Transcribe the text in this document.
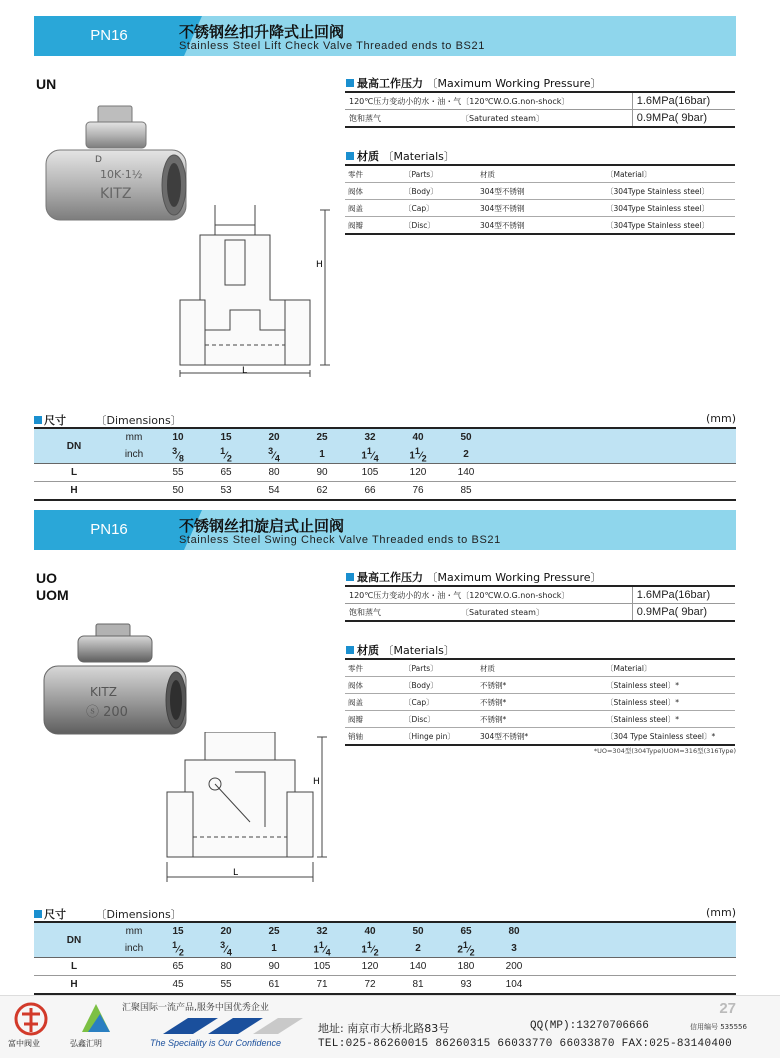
PN16	不锈钢丝扣升降式止回阀
Stainless Steel Lift Check Valve Threaded ends to BS21
UN
D
10K·1½
KITZ
H
L
最高工作压力 〔Maximum Working Pressure〕
120℃压力变动小的水・油・气〔120℃W.O.G.non-shock〕	1.6MPa(16bar)
饱和蒸气 〔Saturated steam〕	0.9MPa( 9bar)
材质 〔Materials〕
零件	〔Parts〕	材质	〔Material〕
阀体	〔Body〕	304型不锈钢	〔304Type Stainless steel〕
阀盖	〔Cap〕	304型不锈钢	〔304Type Stainless steel〕
阀瓣	〔Disc〕	304型不锈钢	〔304Type Stainless steel〕
尺寸	〔Dimensions〕	(mm)
DN	mm	10	15	20	25	32	40	50	
	inch	$^3⁄_8$	$^1⁄_2$	$^3⁄_4$	1	$1^1⁄_4$	$1^1⁄_2$	2	
L		55	65	80	90	105	120	140	
H		50	53	54	62	66	76	85	
PN16	不锈钢丝扣旋启式止回阀
Stainless Steel Swing Check Valve Threaded ends to BS21
UO
UOM
KITZ
ⓢ 200
H
L
最高工作压力 〔Maximum Working Pressure〕
120℃压力变动小的水・油・气〔120℃W.O.G.non-shock〕	1.6MPa(16bar)
饱和蒸气 〔Saturated steam〕	0.9MPa( 9bar)
材质 〔Materials〕
零件	〔Parts〕	材质	〔Material〕
阀体	〔Body〕	不锈钢*	〔Stainless steel〕*
阀盖	〔Cap〕	不锈钢*	〔Stainless steel〕*
阀瓣	〔Disc〕	不锈钢*	〔Stainless steel〕*
销轴	〔Hinge pin〕	304型不锈钢*	〔304 Type Stainless steel〕*
*UO=304型(304Type)UOM=316型(316Type)
尺寸	〔Dimensions〕	(mm)
DN	mm	15	20	25	32	40	50	65	80	
	inch	$^1⁄_2$	$^3⁄_4$	1	$1^1⁄_4$	$1^1⁄_2$	2	$2^1⁄_2$	3	
L		65	80	90	105	120	140	180	200	
H		45	55	61	71	72	81	93	104	
27
富中阀业	弘鑫汇明
汇聚国际一流产品,服务中国优秀企业
The Speciality is Our Confidence
地址: 南京市大桥北路83号	QQ(MP):13270706666	信用编号 535556
TEL:025-86260015 86260315 66033770 66033870 FAX:025-83140400
